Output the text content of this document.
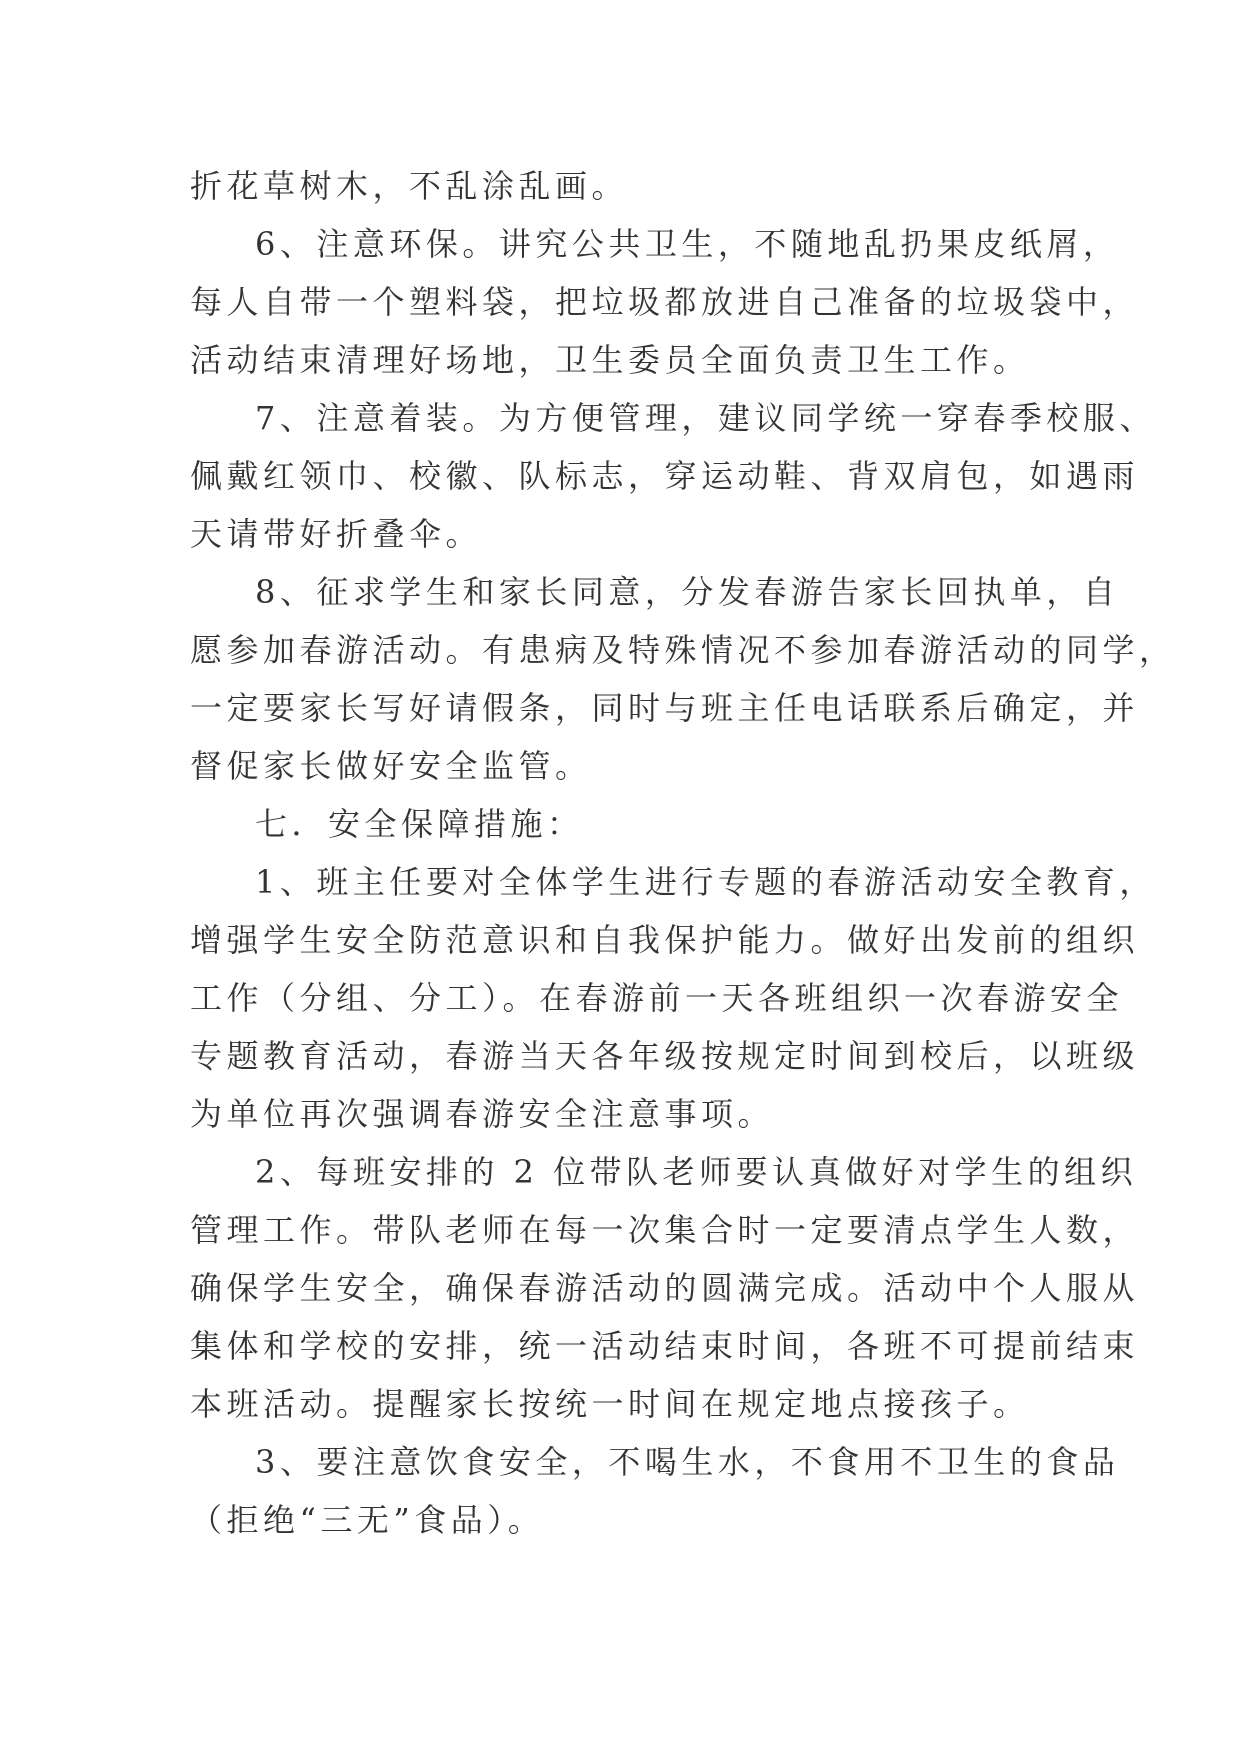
折花草树木，不乱涂乱画。

6、注意环保。讲究公共卫生，不随地乱扔果皮纸屑，
每人自带一个塑料袋，把垃圾都放进自己准备的垃圾袋中，
活动结束清理好场地，卫生委员全面负责卫生工作。

7、注意着装。为方便管理，建议同学统一穿春季校服、
佩戴红领巾、校徽、队标志，穿运动鞋、背双肩包，如遇雨
天请带好折叠伞。

8、征求学生和家长同意，分发春游告家长回执单，自
愿参加春游活动。有患病及特殊情况不参加春游活动的同学，
一定要家长写好请假条，同时与班主任电话联系后确定，并
督促家长做好安全监管。

七．安全保障措施：

1、班主任要对全体学生进行专题的春游活动安全教育，
增强学生安全防范意识和自我保护能力。做好出发前的组织
工作（分组、分工）。在春游前一天各班组织一次春游安全
专题教育活动，春游当天各年级按规定时间到校后，以班级
为单位再次强调春游安全注意事项。

2、每班安排的 2 位带队老师要认真做好对学生的组织
管理工作。带队老师在每一次集合时一定要清点学生人数，
确保学生安全，确保春游活动的圆满完成。活动中个人服从
集体和学校的安排，统一活动结束时间，各班不可提前结束
本班活动。提醒家长按统一时间在规定地点接孩子。

3、要注意饮食安全，不喝生水，不食用不卫生的食品
（拒绝“三无”食品）。
